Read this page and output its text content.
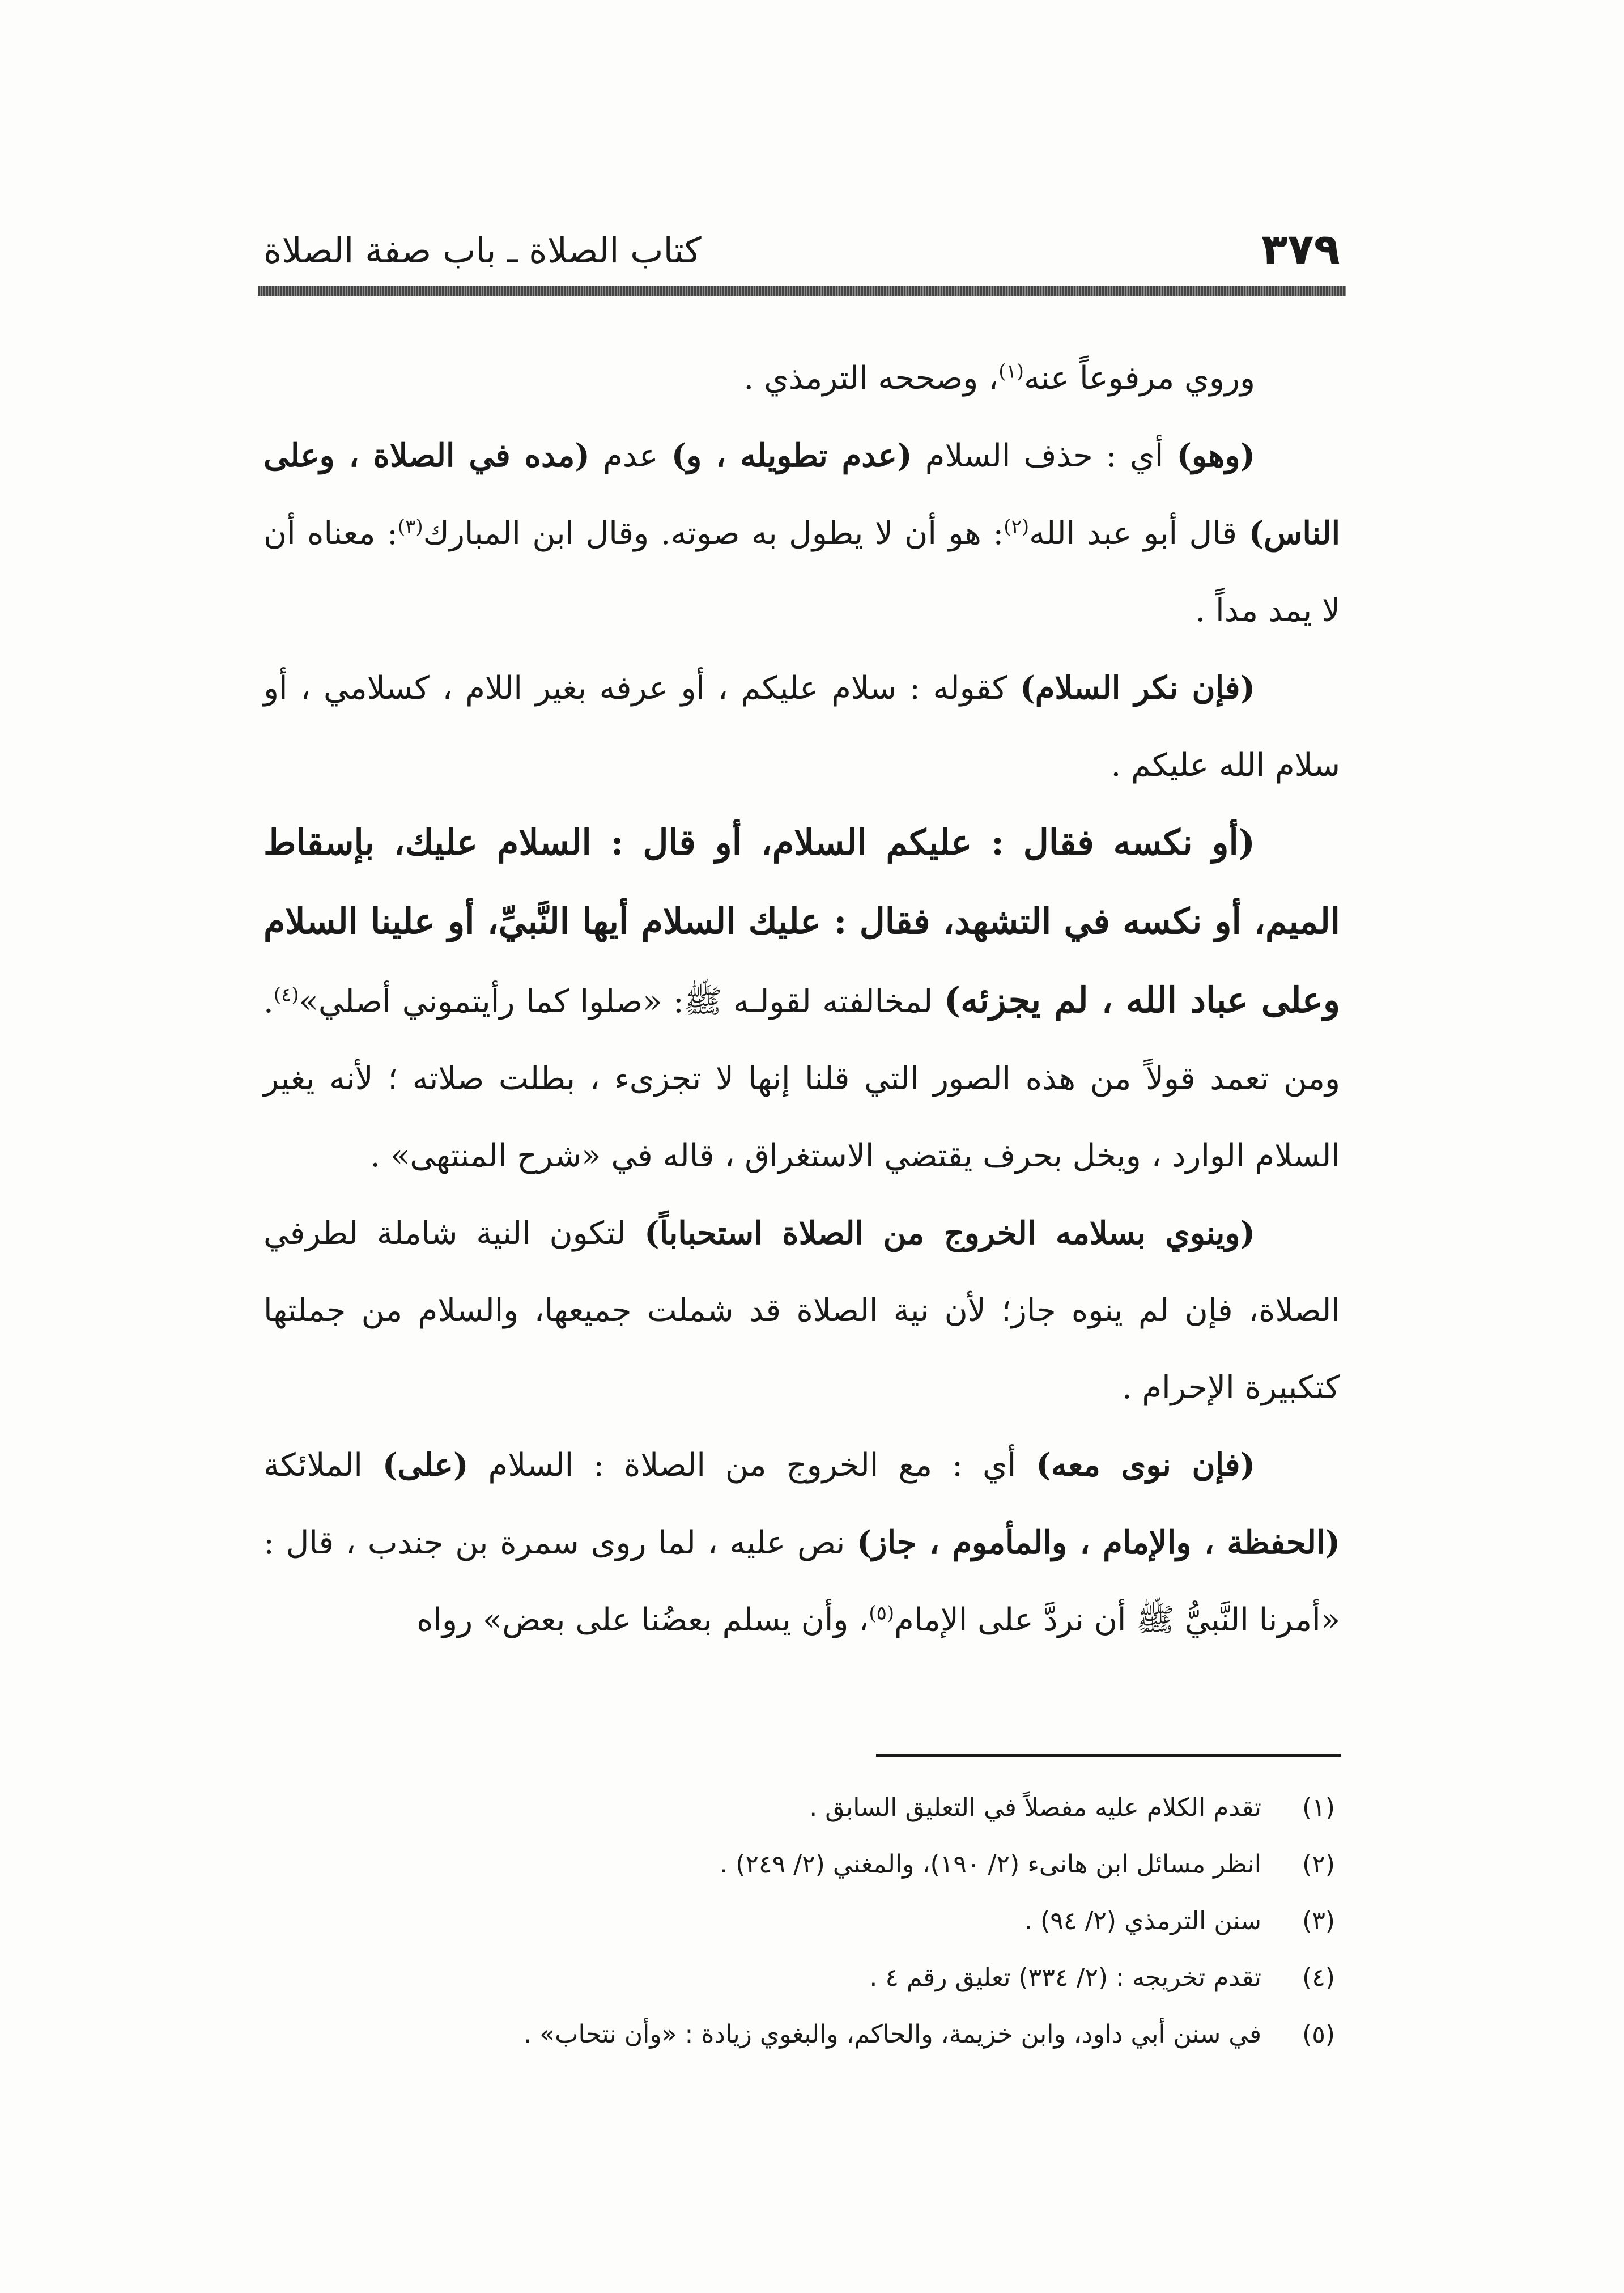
٣٧٩
كتاب الصلاة ـ باب صفة الصلاة

وروي مرفوعاً عنه$^{(١)}$، وصححه الترمذي .

(وهو) أي : حذف السلام (عدم تطويله ، و) عدم (مده في الصلاة ، وعلى الناس) قال أبو عبد الله$^{(٢)}$: هو أن لا يطول به صوته. وقال ابن المبارك$^{(٣)}$: معناه أن لا يمد مداً .

(فإن نكر السلام) كقوله : سلام عليكم ، أو عرفه بغير اللام ، كسلامي ، أو سلام الله عليكم .

(أو نكسه فقال : عليكم السلام، أو قال : السلام عليك، بإسقاط الميم، أو نكسه في التشهد، فقال : عليك السلام أيها النَّبيِّ، أو علينا السلام وعلى عباد الله ، لم يجزئه) لمخالفته لقولـه ﷺ: «صلوا كما رأيتموني أصلي»$^{(٤)}$. ومن تعمد قولاً من هذه الصور التي قلنا إنها لا تجزىء ، بطلت صلاته ؛ لأنه يغير السلام الوارد ، ويخل بحرف يقتضي الاستغراق ، قاله في «شرح المنتهى» .

(وينوي بسلامه الخروج من الصلاة استحباباً) لتكون النية شاملة لطرفي الصلاة، فإن لم ينوه جاز؛ لأن نية الصلاة قد شملت جميعها، والسلام من جملتها كتكبيرة الإحرام .

(فإن نوى معه) أي : مع الخروج من الصلاة : السلام (على) الملائكة (الحفظة ، والإمام ، والمأموم ، جاز) نص عليه ، لما روى سمرة بن جندب ، قال : «أمرنا النَّبيُّ ﷺ أن نردَّ على الإمام$^{(٥)}$، وأن يسلم بعضُنا على بعض» رواه

(١)
تقدم الكلام عليه مفصلاً في التعليق السابق .
(٢)
انظر مسائل ابن هانىء (٢/ ١٩٠)، والمغني (٢/ ٢٤٩) .
(٣)
سنن الترمذي (٢/ ٩٤) .
(٤)
تقدم تخريجه : (٢/ ٣٣٤) تعليق رقم ٤ .
(٥)
في سنن أبي داود، وابن خزيمة، والحاكم، والبغوي زيادة : «وأن نتحاب» .
